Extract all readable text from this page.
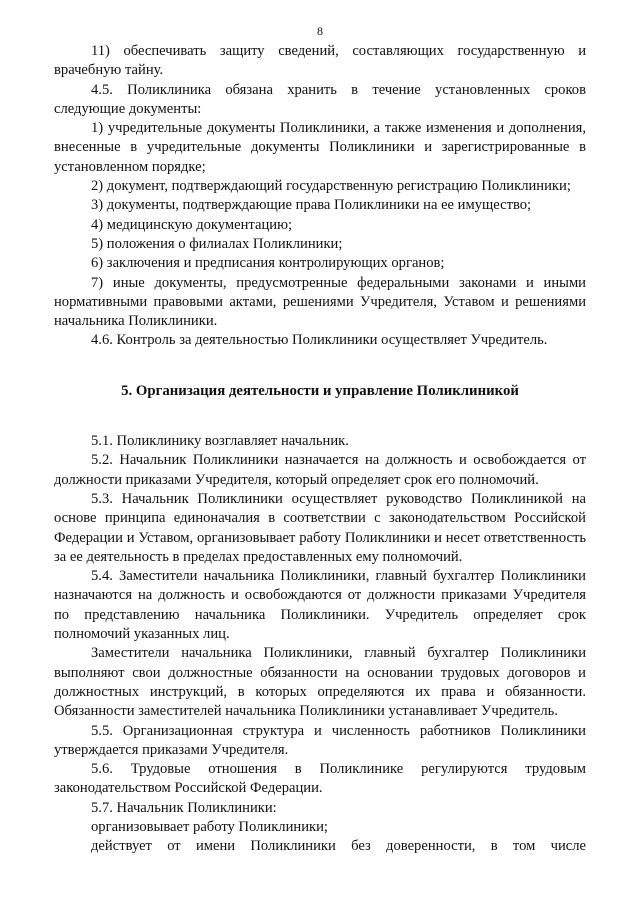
8

11) обеспечивать защиту сведений, составляющих государственную и врачебную тайну.

4.5. Поликлиника обязана хранить в течение установленных сроков следующие документы:

1) учредительные документы Поликлиники, а также изменения и дополнения, внесенные в учредительные документы Поликлиники и зарегистрированные в установленном порядке;

2) документ, подтверждающий государственную регистрацию Поликлиники;

3) документы, подтверждающие права Поликлиники на ее имущество;

4) медицинскую документацию;

5) положения о филиалах Поликлиники;

6) заключения и предписания контролирующих органов;

7) иные документы, предусмотренные федеральными законами и иными нормативными правовыми актами, решениями Учредителя, Уставом и решениями начальника Поликлиники.

4.6. Контроль за деятельностью Поликлиники осуществляет Учредитель.

5. Организация деятельности и управление Поликлиникой

5.1. Поликлинику возглавляет начальник.

5.2. Начальник Поликлиники назначается на должность и освобождается от должности приказами Учредителя, который определяет срок его полномочий.

5.3. Начальник Поликлиники осуществляет руководство Поликлиникой на основе принципа единоначалия в соответствии с законодательством Российской Федерации и Уставом, организовывает работу Поликлиники и несет ответственность за ее деятельность в пределах предоставленных ему полномочий.

5.4. Заместители начальника Поликлиники, главный бухгалтер Поликлиники назначаются на должность и освобождаются от должности приказами Учредителя по представлению начальника Поликлиники. Учредитель определяет срок полномочий указанных лиц.

Заместители начальника Поликлиники, главный бухгалтер Поликлиники выполняют свои должностные обязанности на основании трудовых договоров и должностных инструкций, в которых определяются их права и обязанности. Обязанности заместителей начальника Поликлиники устанавливает Учредитель.

5.5. Организационная структура и численность работников Поликлиники утверждается приказами Учредителя.

5.6. Трудовые отношения в Поликлинике регулируются трудовым законодательством Российской Федерации.

5.7. Начальник Поликлиники:

организовывает работу Поликлиники;

действует от имени Поликлиники без доверенности, в том числе
